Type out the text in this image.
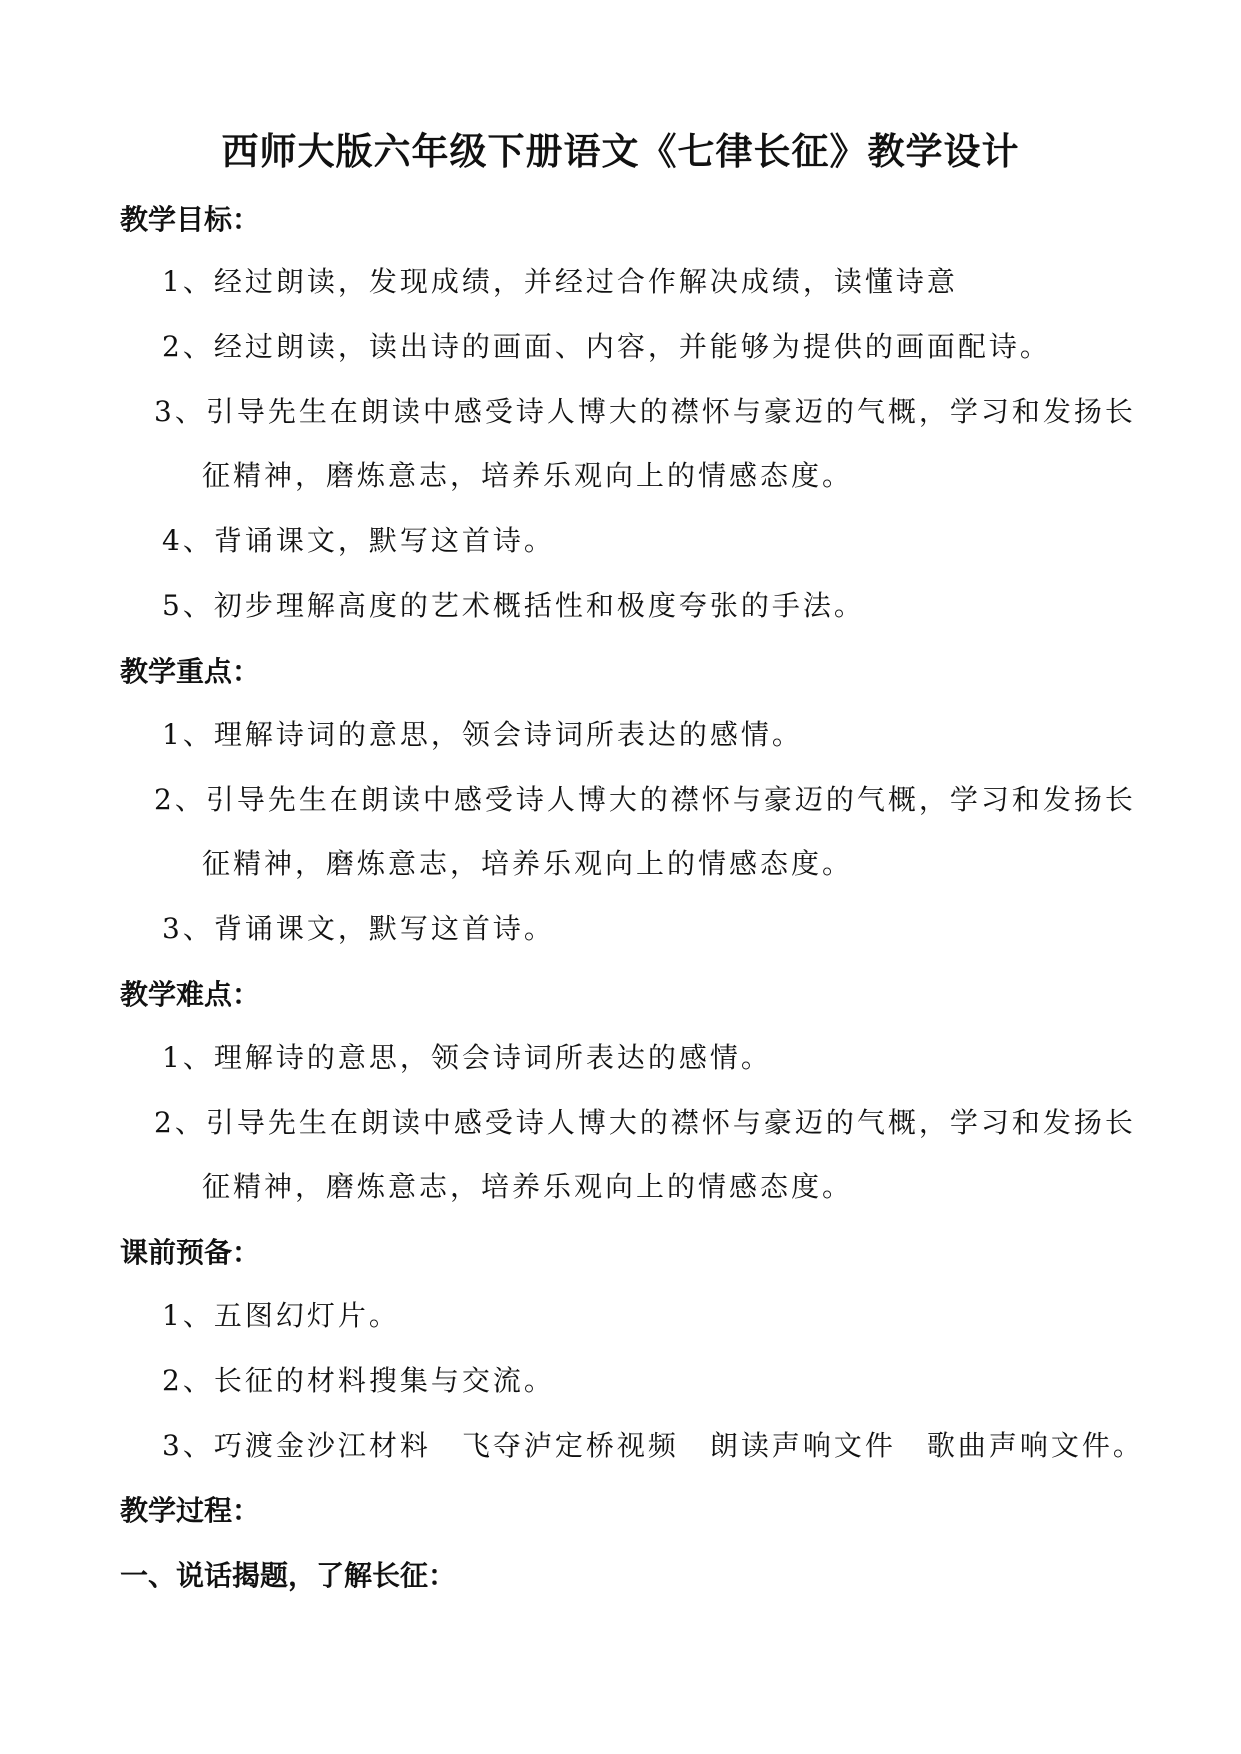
西师大版六年级下册语文《七律长征》教学设计
教学目标：
1、经过朗读，发现成绩，并经过合作解决成绩，读懂诗意
2、经过朗读，读出诗的画面、内容，并能够为提供的画面配诗。
3、引导先生在朗读中感受诗人博大的襟怀与豪迈的气概，学习和发扬长
征精神，磨炼意志，培养乐观向上的情感态度。
4、背诵课文，默写这首诗。
5、初步理解高度的艺术概括性和极度夸张的手法。
教学重点：
1、理解诗词的意思，领会诗词所表达的感情。
2、引导先生在朗读中感受诗人博大的襟怀与豪迈的气概，学习和发扬长
征精神，磨炼意志，培养乐观向上的情感态度。
3、背诵课文，默写这首诗。
教学难点：
1、理解诗的意思，领会诗词所表达的感情。
2、引导先生在朗读中感受诗人博大的襟怀与豪迈的气概，学习和发扬长
征精神，磨炼意志，培养乐观向上的情感态度。
课前预备：
1、五图幻灯片。
2、长征的材料搜集与交流。
3、巧渡金沙江材料　飞夺泸定桥视频　朗读声响文件　歌曲声响文件。
教学过程：
一、说话揭题，了解长征：
